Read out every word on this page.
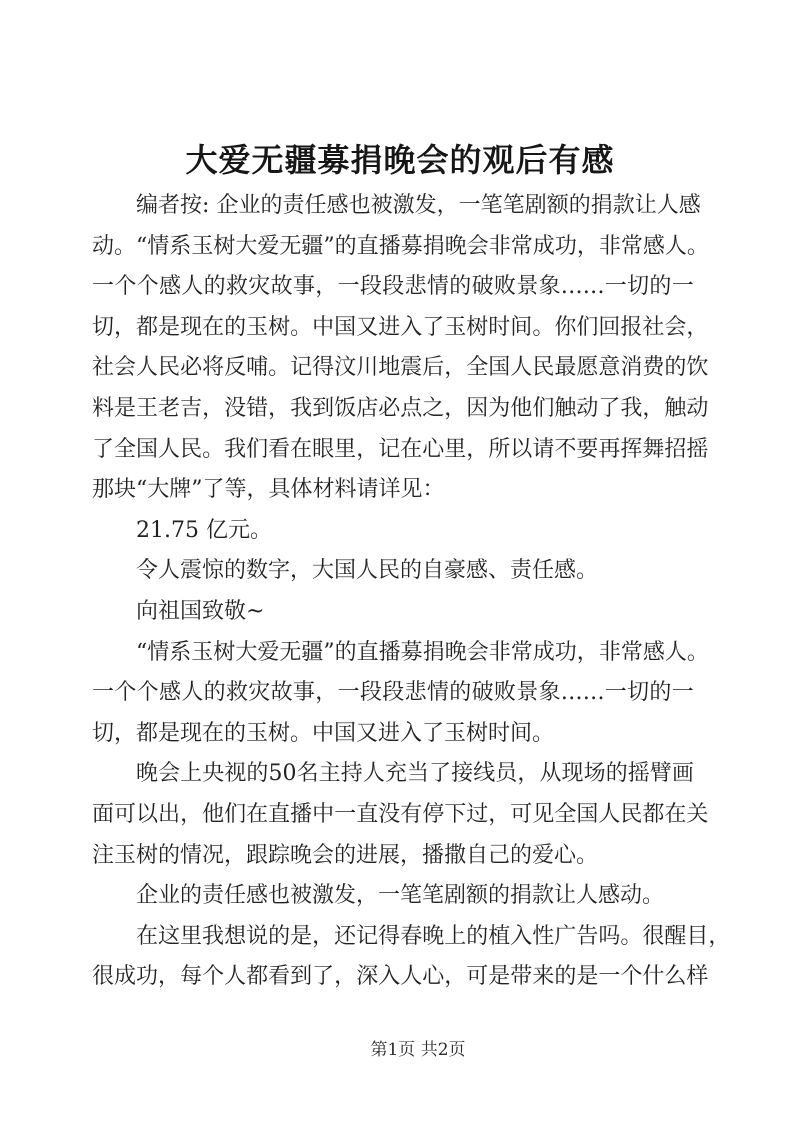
大爱无疆募捐晚会的观后有感
编 者 按 :
企 业 的 责 任 感 也 被 激 发 ， 一 笔 笔 剧 额 的 捐 款 让 人 感
动 。 “ 情 系 玉 树 大 爱 无 疆 ” 的 直 播 募 捐 晚 会 非 常 成 功 ， 非 常 感 人 。
一 个 个 感 人 的 救 灾 故 事 ， 一 段 段 悲 情 的 破 败 景 象 . . . . . . 一 切 的 一
切 ， 都 是 现 在 的 玉 树 。 中 国 又 进 入 了 玉 树 时 间 。 你 们 回 报 社 会 ，
社 会 人 民 必 将 反 哺 。 记 得 汶 川 地 震 后 ， 全 国 人 民 最 愿 意 消 费 的 饮
料 是 王 老 吉 ， 没 错 ， 我 到 饭 店 必 点 之 ， 因 为 他 们 触 动 了 我 ， 触 动
了 全 国 人 民 。 我 们 看 在 眼 里 ， 记 在 心 里 ， 所 以 请 不 要 再 挥 舞 招 摇
那块“大牌”了等，具体材料请详见：
21.75 亿元。
令人震惊的数字，大国人民的自豪感、责任感。
向祖国致敬~
“ 情 系 玉 树 大 爱 无 疆 ” 的 直 播 募 捐 晚 会 非 常 成 功 ， 非 常 感 人 。
一 个 个 感 人 的 救 灾 故 事 ， 一 段 段 悲 情 的 破 败 景 象 . . . . . . 一 切 的 一
切，都是现在的玉树。中国又进入了玉树时间。
晚 会 上 央 视 的 5 0 名 主 持 人 充 当 了 接 线 员 ， 从 现 场 的 摇 臂 画
面 可 以 出 ， 他 们 在 直 播 中 一 直 没 有 停 下 过 ， 可 见 全 国 人 民 都 在 关
注玉树的情况，跟踪晚会的进展，播撒自己的爱心。
企业的责任感也被激发，一笔笔剧额的捐款让人感动。
在 这 里 我 想 说 的 是 ， 还 记 得 春 晚 上 的 植 入 性 广 告 吗 。 很 醒 目 ，
很 成 功 ， 每 个 人 都 看 到 了 ， 深 入 人 心 ， 可 是 带 来 的 是 一 个 什 么 样
第1页 共2页
